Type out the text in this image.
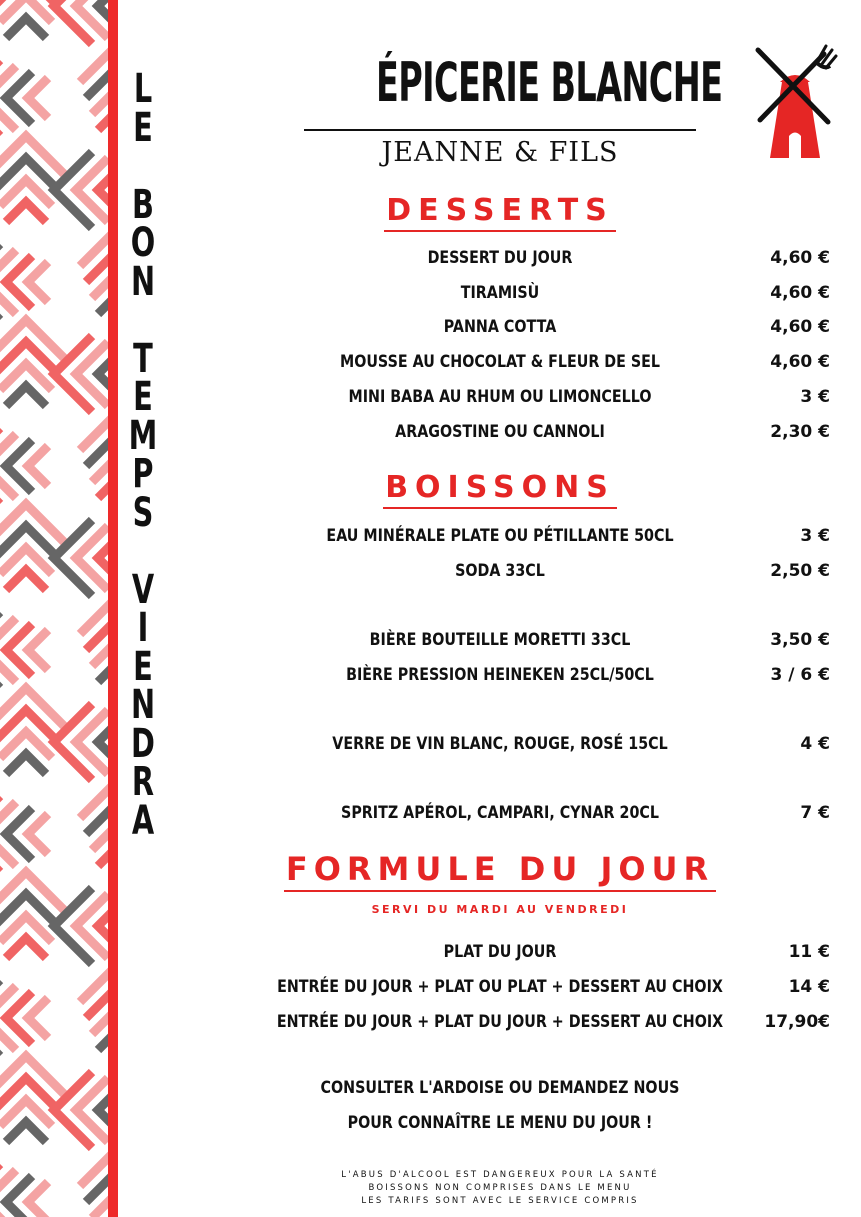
L
E

B
O
N

T
E
M
P
S

V
I
E
N
D
R
A
ÉPICERIE BLANCHE
JEANNE & FILS
DESSERTS
DESSERT DU JOUR	4,60 €
TIRAMISÙ	4,60 €
PANNA COTTA	4,60 €
MOUSSE AU CHOCOLAT & FLEUR DE SEL	4,60 €
MINI BABA AU RHUM OU LIMONCELLO	3 €
ARAGOSTINE OU CANNOLI	2,30 €
BOISSONS
EAU MINÉRALE PLATE OU PÉTILLANTE 50CL	3 €
SODA 33CL	2,50 €
BIÈRE BOUTEILLE MORETTI 33CL	3,50 €
BIÈRE PRESSION HEINEKEN 25CL/50CL	3 / 6 €
VERRE DE VIN BLANC, ROUGE, ROSÉ 15CL	4 €
SPRITZ APÉROL, CAMPARI, CYNAR 20CL	7 €
FORMULE DU JOUR
SERVI DU MARDI AU VENDREDI
PLAT DU JOUR	11 €
ENTRÉE DU JOUR + PLAT OU PLAT + DESSERT AU CHOIX	14 €
ENTRÉE DU JOUR + PLAT DU JOUR + DESSERT AU CHOIX	17,90€
CONSULTER L'ARDOISE OU DEMANDEZ NOUS
POUR CONNAÎTRE LE MENU DU JOUR !
L'ABUS D'ALCOOL EST DANGEREUX POUR LA SANTÉ
BOISSONS NON COMPRISES DANS LE MENU
LES TARIFS SONT AVEC LE SERVICE COMPRIS
